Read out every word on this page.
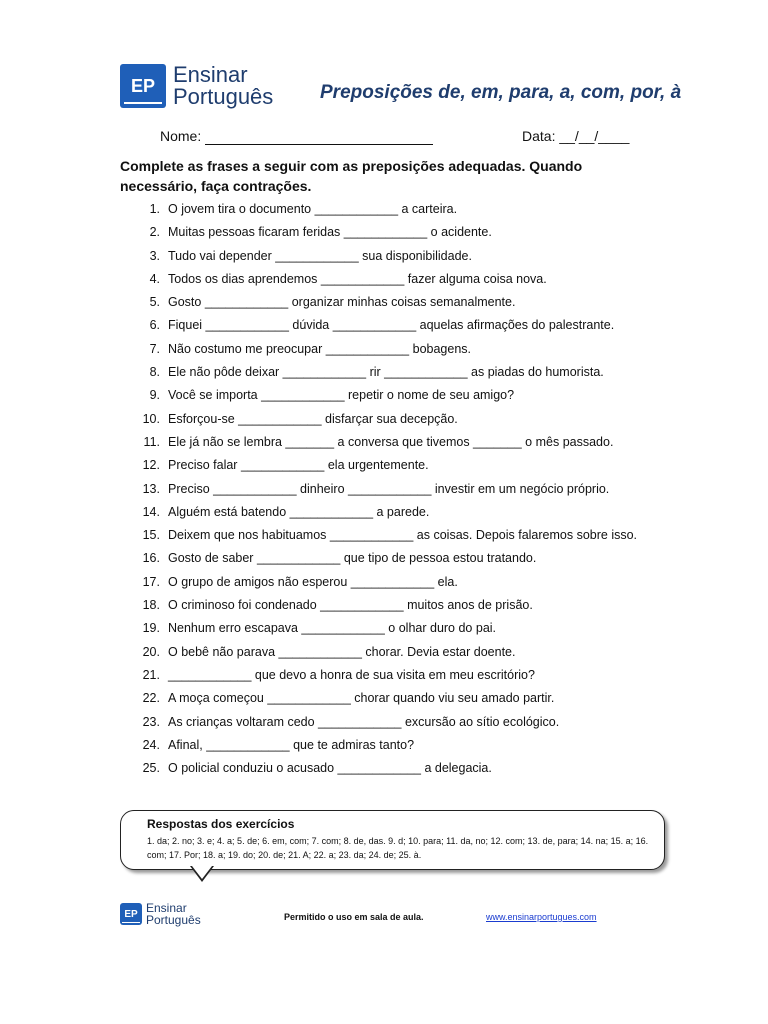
EP Ensinar
Português Preposições de, em, para, a, com, por, à
Nome:	Data: __/__/____
Complete as frases a seguir com as preposições adequadas. Quando necessário, faça contrações.
1. O jovem tira o documento ____________ a carteira.
2. Muitas pessoas ficaram feridas ____________ o acidente.
3. Tudo vai depender ____________ sua disponibilidade.
4. Todos os dias aprendemos ____________ fazer alguma coisa nova.
5. Gosto ____________ organizar minhas coisas semanalmente.
6. Fiquei ____________ dúvida ____________ aquelas afirmações do palestrante.
7. Não costumo me preocupar ____________ bobagens.
8. Ele não pôde deixar ____________ rir ____________ as piadas do humorista.
9. Você se importa ____________ repetir o nome de seu amigo?
10. Esforçou-se ____________ disfarçar sua decepção.
11. Ele já não se lembra _______ a conversa que tivemos _______ o mês passado.
12. Preciso falar ____________ ela urgentemente.
13. Preciso ____________ dinheiro ____________ investir em um negócio próprio.
14. Alguém está batendo ____________ a parede.
15. Deixem que nos habituamos ____________ as coisas. Depois falaremos sobre isso.
16. Gosto de saber ____________ que tipo de pessoa estou tratando.
17. O grupo de amigos não esperou ____________ ela.
18. O criminoso foi condenado ____________ muitos anos de prisão.
19. Nenhum erro escapava ____________ o olhar duro do pai.
20. O bebê não parava ____________ chorar. Devia estar doente.
21. ____________ que devo a honra de sua visita em meu escritório?
22. A moça começou ____________ chorar quando viu seu amado partir.
23. As crianças voltaram cedo ____________ excursão ao sítio ecológico.
24. Afinal, ____________ que te admiras tanto?
25. O policial conduziu o acusado ____________ a delegacia.
Respostas dos exercícios
1. da; 2. no; 3. e; 4. a; 5. de; 6. em, com; 7. com; 8. de, das. 9. d; 10. para; 11. da, no; 12. com; 13. de, para; 14. na; 15. a; 16. com; 17. Por; 18. a; 19. do; 20. de; 21. A; 22. a; 23. da; 24. de; 25. à.
EP Ensinar
Português	Permitido o uso em sala de aula.	www.ensinarportugues.com
